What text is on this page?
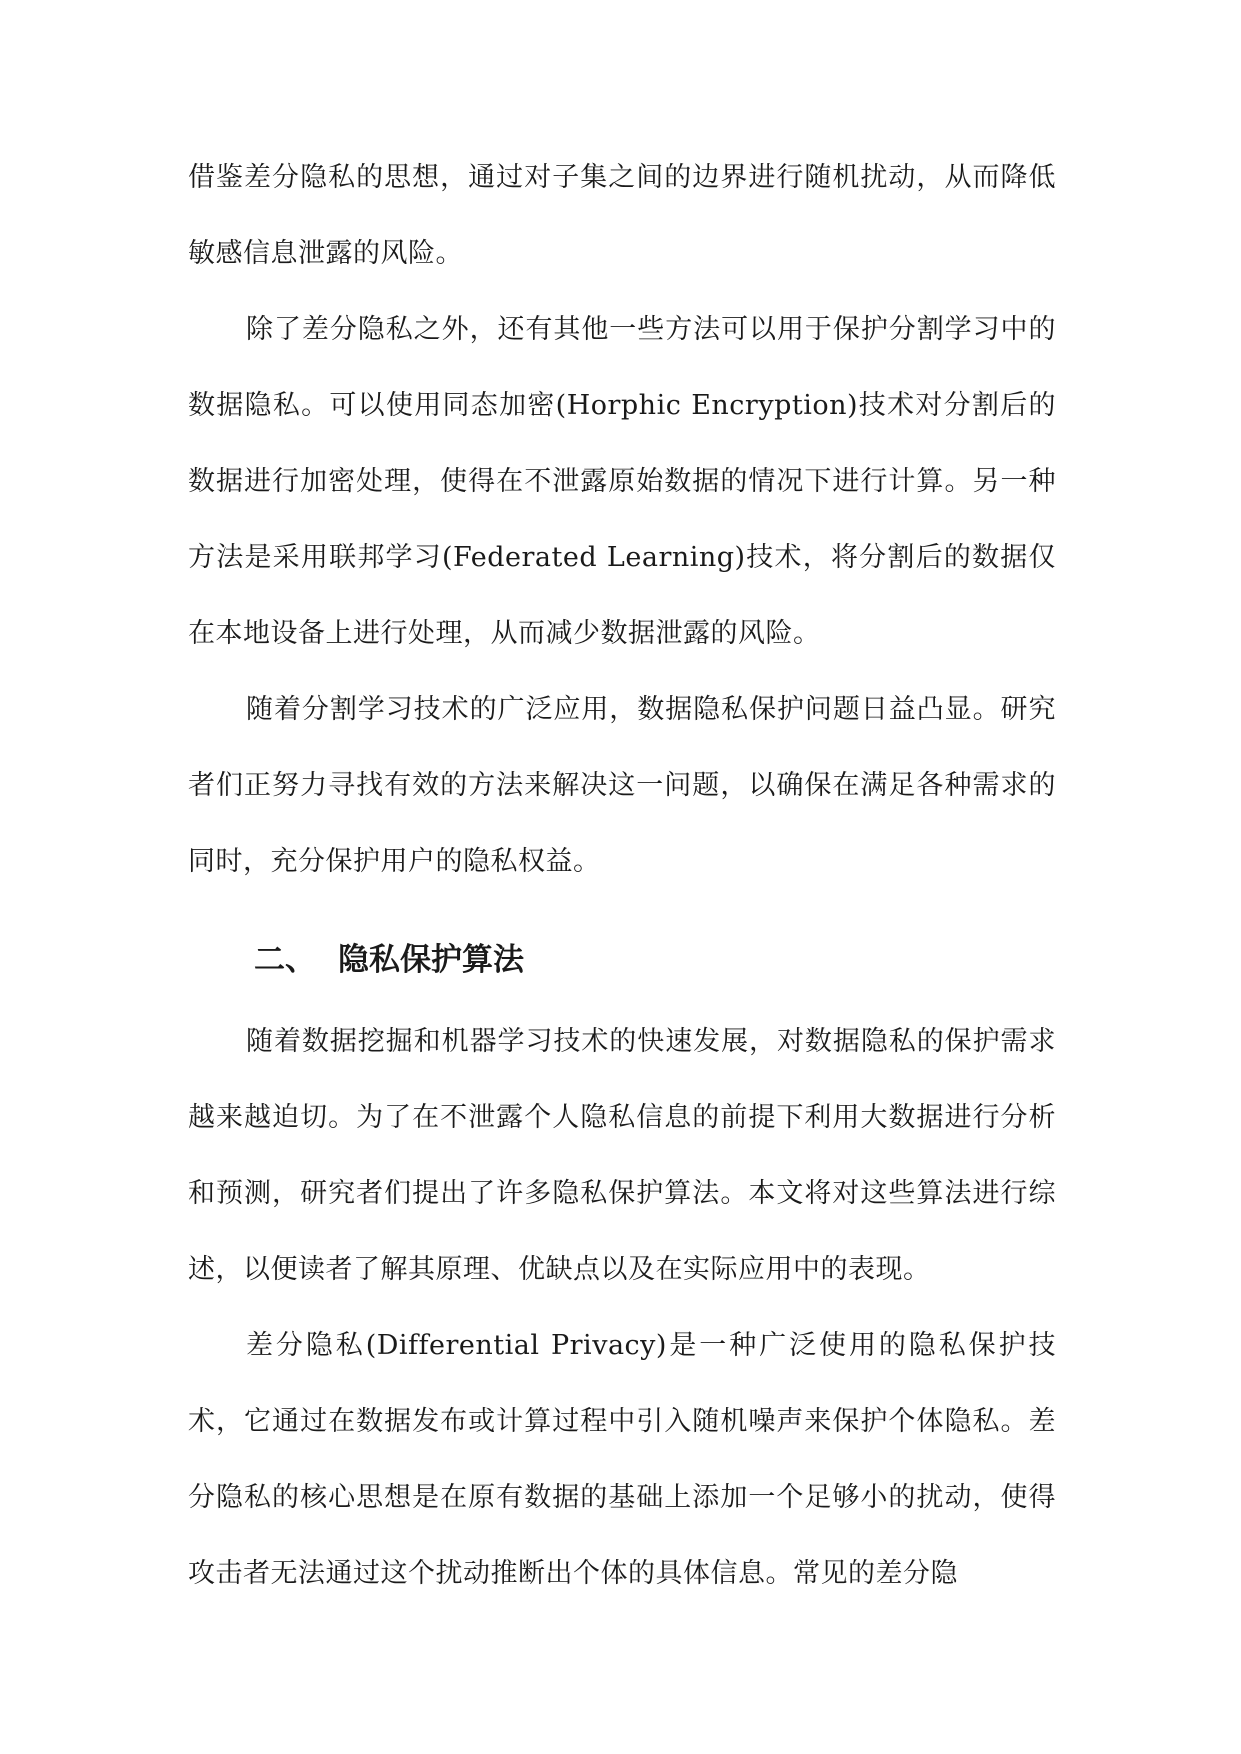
借鉴差分隐私的思想，通过对子集之间的边界进行随机扰动，从而降低敏感信息泄露的风险。

除了差分隐私之外，还有其他一些方法可以用于保护分割学习中的数据隐私。可以使用同态加密(Horphic Encryption)技术对分割后的数据进行加密处理，使得在不泄露原始数据的情况下进行计算。另一种方法是采用联邦学习(Federated Learning)技术，将分割后的数据仅在本地设备上进行处理，从而减少数据泄露的风险。

随着分割学习技术的广泛应用，数据隐私保护问题日益凸显。研究者们正努力寻找有效的方法来解决这一问题，以确保在满足各种需求的同时，充分保护用户的隐私权益。

二、 隐私保护算法

随着数据挖掘和机器学习技术的快速发展，对数据隐私的保护需求越来越迫切。为了在不泄露个人隐私信息的前提下利用大数据进行分析和预测，研究者们提出了许多隐私保护算法。本文将对这些算法进行综述，以便读者了解其原理、优缺点以及在实际应用中的表现。

差分隐私(Differential Privacy)是一种广泛使用的隐私保护技术，它通过在数据发布或计算过程中引入随机噪声来保护个体隐私。差分隐私的核心思想是在原有数据的基础上添加一个足够小的扰动，使得攻击者无法通过这个扰动推断出个体的具体信息。常见的差分隐
